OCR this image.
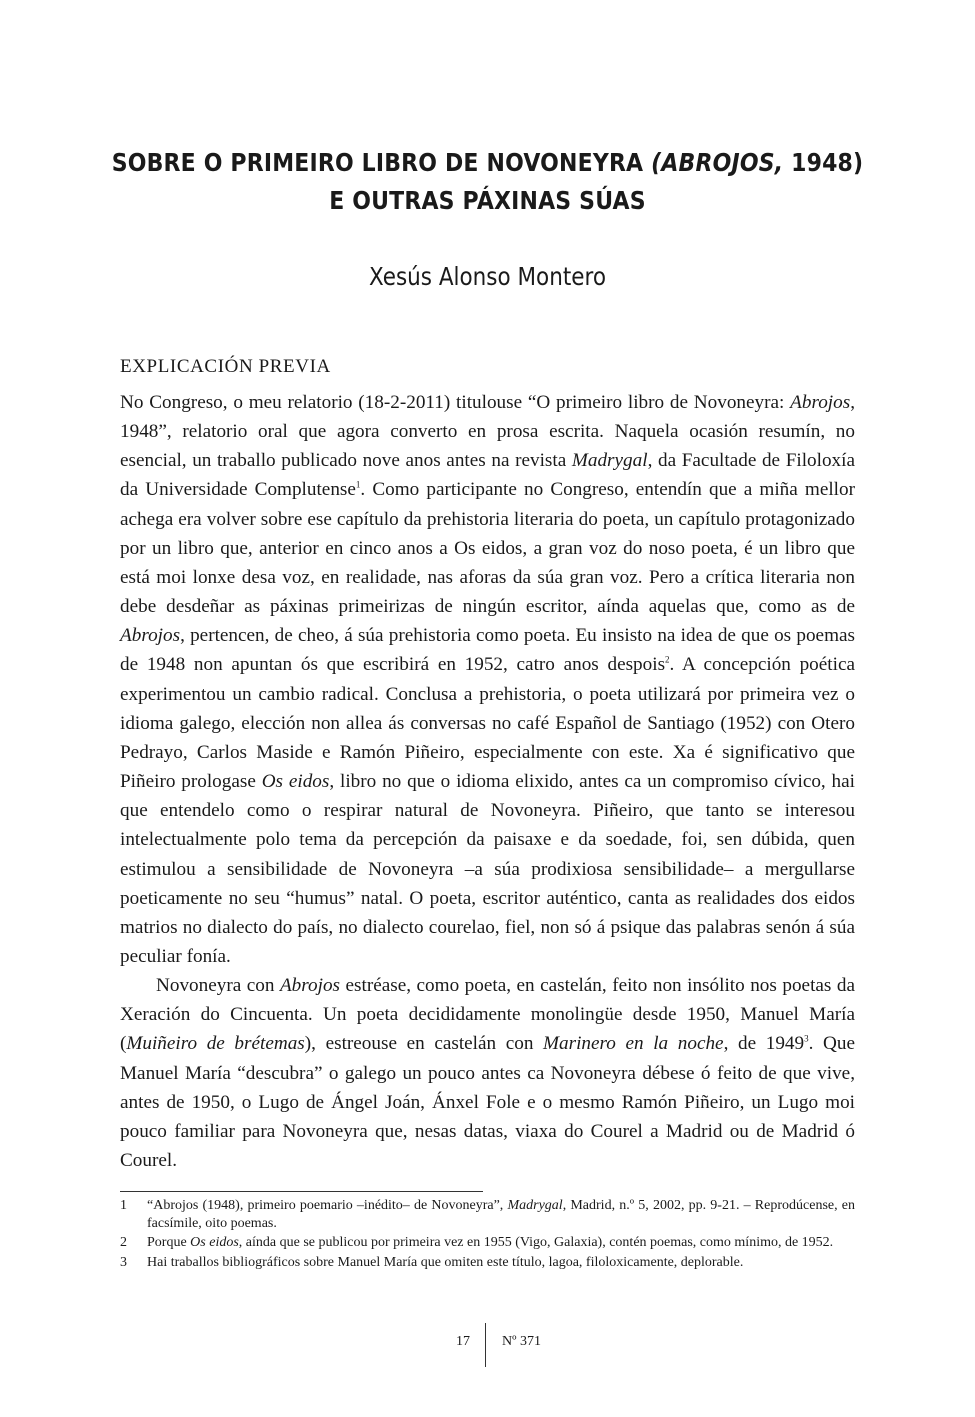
SOBRE O PRIMEIRO LIBRO DE NOVONEYRA (ABROJOS, 1948)
E OUTRAS PÁXINAS SÚAS
Xesús Alonso Montero
EXPLICACIÓN PREVIA

No Congreso, o meu relatorio (18-2-2011) titulouse “O primeiro libro de Novoneyra: Abrojos, 1948”, relatorio oral que agora converto en prosa escrita. Naquela ocasión resumín, no esencial, un traballo publicado nove anos antes na revista Madrygal, da Facultade de Filoloxía da Universidade Complutense$^1$. Como participante no Congreso, entendín que a miña mellor achega era volver sobre ese capítulo da prehistoria literaria do poeta, un capítulo protagonizado por un libro que, anterior en cinco anos a Os eidos, a gran voz do noso poeta, é un libro que está moi lonxe desa voz, en realidade, nas aforas da súa gran voz. Pero a crítica literaria non debe desdeñar as páxinas primeirizas de ningún escritor, aínda aquelas que, como as de Abrojos, pertencen, de cheo, á súa prehistoria como poeta. Eu insisto na idea de que os poemas de 1948 non apuntan ós que escribirá en 1952, catro anos despois$^2$. A concepción poética experimentou un cambio radical. Conclusa a prehistoria, o poeta utilizará por primeira vez o idioma galego, elección non allea ás conversas no café Español de Santiago (1952) con Otero Pedrayo, Carlos Maside e Ramón Piñeiro, especialmente con este. Xa é significativo que Piñeiro prologase Os eidos, libro no que o idioma elixido, antes ca un compromiso cívico, hai que entendelo como o respirar natural de Novoneyra. Piñeiro, que tanto se interesou intelectualmente polo tema da percepción da paisaxe e da soedade, foi, sen dúbida, quen estimulou a sensibilidade de Novoneyra –a súa prodixiosa sensibilidade– a mergullarse poeticamente no seu “humus” natal. O poeta, escritor auténtico, canta as realidades dos eidos matrios no dialecto do país, no dialecto courelao, fiel, non só á psique das palabras senón á súa peculiar fonía.

Novoneyra con Abrojos estréase, como poeta, en castelán, feito non insólito nos poetas da Xeración do Cincuenta. Un poeta decididamente monolingüe desde 1950, Manuel María (Muiñeiro de brétemas), estreouse en castelán con Marinero en la noche, de 1949$^3$. Que Manuel María “descubra” o galego un pouco antes ca Novoneyra débese ó feito de que vive, antes de 1950, o Lugo de Ángel Joán, Ánxel Fole e o mesmo Ramón Piñeiro, un Lugo moi pouco familiar para Novoneyra que, nesas datas, viaxa do Courel a Madrid ou de Madrid ó Courel.

1	“Abrojos (1948), primeiro poemario –inédito– de Novoneyra”, Madrygal, Madrid, n.º 5, 2002, pp. 9-21. – Reprodúcense, en facsímile, oito poemas.
2	Porque Os eidos, aínda que se publicou por primeira vez en 1955 (Vigo, Galaxia), contén poemas, como mínimo, de 1952.
3	Hai traballos bibliográficos sobre Manuel María que omiten este título, lagoa, filoloxicamente, deplorable.
17 Nº 371
